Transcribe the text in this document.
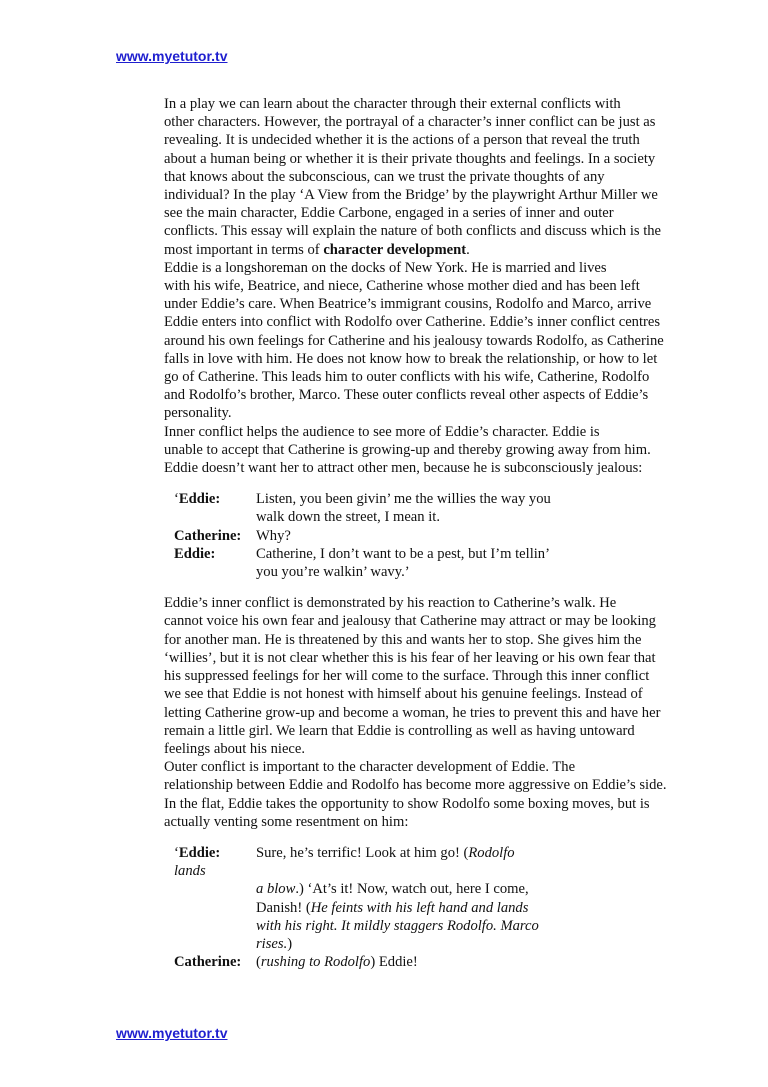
www.myetutor.tv

In a play we can learn about the character through their external conflicts with
other characters. However, the portrayal of a character’s inner conflict can be just as
revealing. It is undecided whether it is the actions of a person that reveal the truth
about a human being or whether it is their private thoughts and feelings. In a society
that knows about the subconscious, can we trust the private thoughts of any
individual? In the play ‘A View from the Bridge’ by the playwright Arthur Miller we
see the main character, Eddie Carbone, engaged in a series of inner and outer
conflicts. This essay will explain the nature of both conflicts and discuss which is the
most important in terms of character development.

Eddie is a longshoreman on the docks of New York. He is married and lives
with his wife, Beatrice, and niece, Catherine whose mother died and has been left
under Eddie’s care. When Beatrice’s immigrant cousins, Rodolfo and Marco, arrive
Eddie enters into conflict with Rodolfo over Catherine. Eddie’s inner conflict centres
around his own feelings for Catherine and his jealousy towards Rodolfo, as Catherine
falls in love with him. He does not know how to break the relationship, or how to let
go of Catherine. This leads him to outer conflicts with his wife, Catherine, Rodolfo
and Rodolfo’s brother, Marco. These outer conflicts reveal other aspects of Eddie’s
personality.

Inner conflict helps the audience to see more of Eddie’s character. Eddie is
unable to accept that Catherine is growing-up and thereby growing away from him.
Eddie doesn’t want her to attract other men, because he is subconsciously jealous:

‘Eddie:	Listen, you been givin’ me the willies the way you
walk down the street, I mean it.
Catherine:	Why?
Eddie:	Catherine, I don’t want to be a pest, but I’m tellin’
you you’re walkin’ wavy.’

Eddie’s inner conflict is demonstrated by his reaction to Catherine’s walk. He
cannot voice his own fear and jealousy that Catherine may attract or may be looking
for another man. He is threatened by this and wants her to stop. She gives him the
‘willies’, but it is not clear whether this is his fear of her leaving or his own fear that
his suppressed feelings for her will come to the surface. Through this inner conflict
we see that Eddie is not honest with himself about his genuine feelings. Instead of
letting Catherine grow-up and become a woman, he tries to prevent this and have her
remain a little girl. We learn that Eddie is controlling as well as having untoward
feelings about his niece.

Outer conflict is important to the character development of Eddie. The
relationship between Eddie and Rodolfo has become more aggressive on Eddie’s side.
In the flat, Eddie takes the opportunity to show Rodolfo some boxing moves, but is
actually venting some resentment on him:

‘Eddie:	Sure, he’s terrific! Look at him go! (Rodolfo
lands
a blow.) ‘At’s it! Now, watch out, here I come,
Danish! (He feints with his left hand and lands
with his right. It mildly staggers Rodolfo. Marco
rises.)
Catherine:	(rushing to Rodolfo) Eddie!
www.myetutor.tv
